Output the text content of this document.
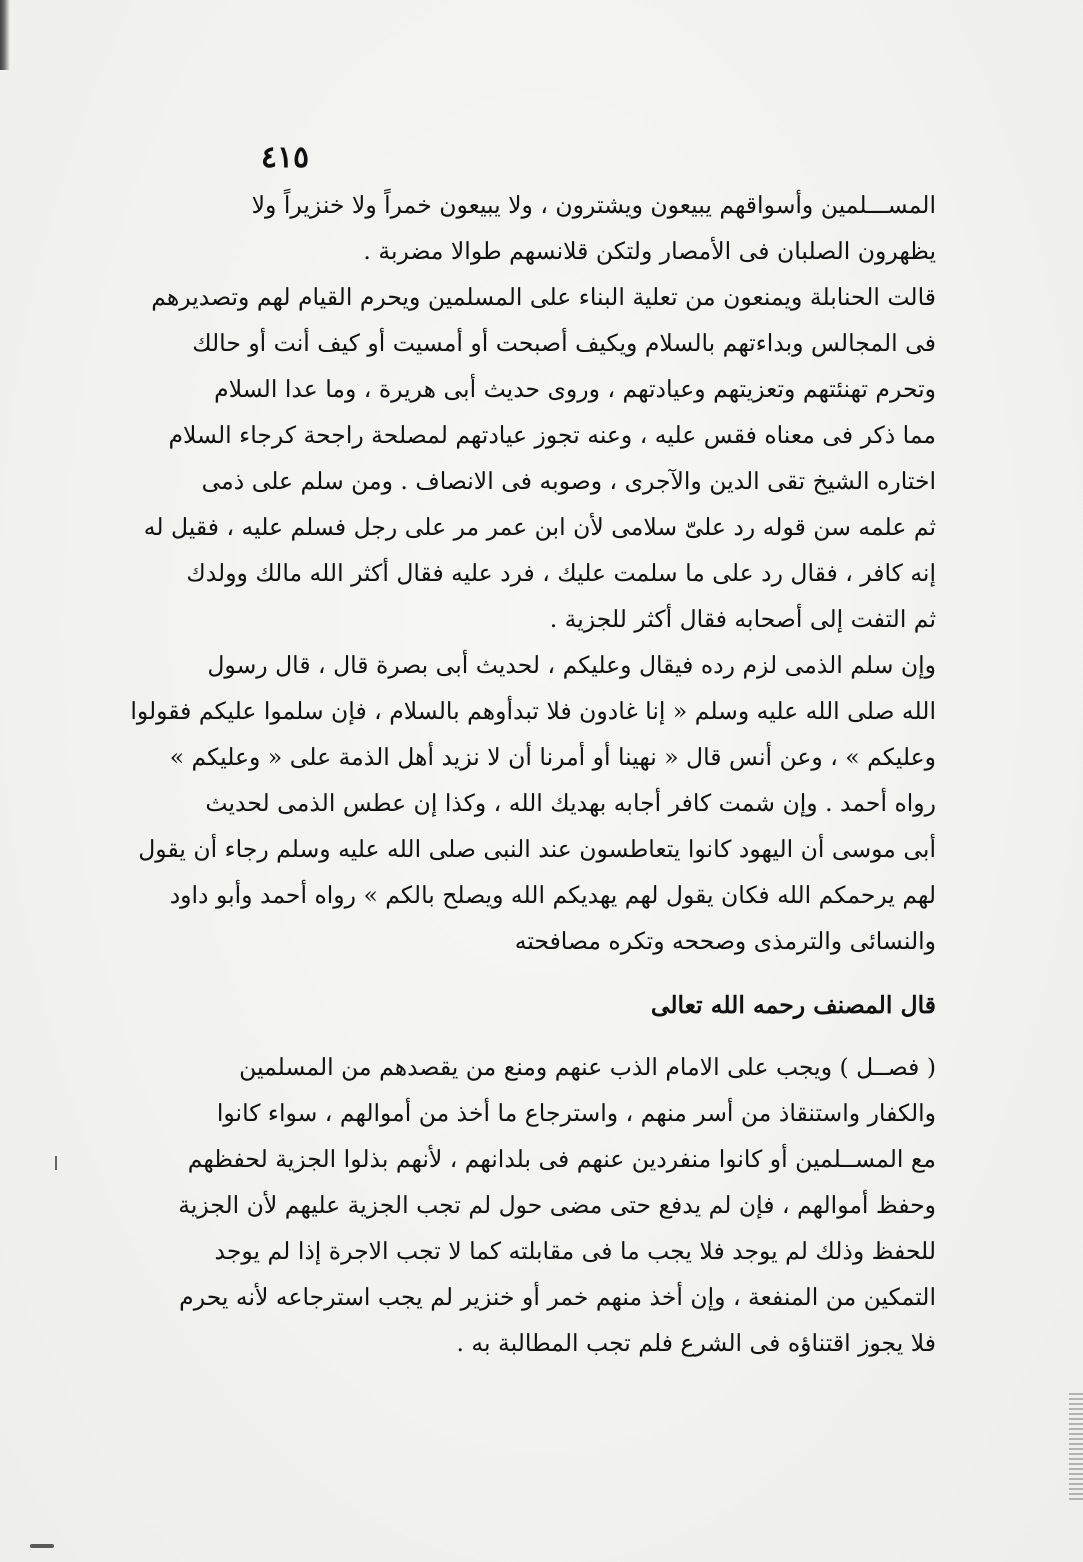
٤١٥
المســـلمين وأسواقهم يبيعون ويشترون ، ولا يبيعون خمراً ولا خنزيراً ولا
يظهرون الصلبان فى الأمصار ولتكن قلانسهم طوالا مضربة .
قالت الحنابلة ويمنعون من تعلية البناء على المسلمين ويحرم القيام لهم وتصديرهم
فى المجالس وبداءتهم بالسلام ويكيف أصبحت أو أمسيت أو كيف أنت أو حالك
وتحرم تهنئتهم وتعزيتهم وعيادتهم ، وروى حديث أبى هريرة ، وما عدا السلام
مما ذكر فى معناه فقس عليه ، وعنه تجوز عيادتهم لمصلحة راجحة كرجاء السلام
اختاره الشيخ تقى الدين والآجرى ، وصوبه فى الانصاف . ومن سلم على ذمى
ثم علمه سن قوله رد علىّ سلامى لأن ابن عمر مر على رجل فسلم عليه ، فقيل له
إنه كافر ، فقال رد على ما سلمت عليك ، فرد عليه فقال أكثر الله مالك وولدك
ثم التفت إلى أصحابه فقال أكثر للجزية .
وإن سلم الذمى لزم رده فيقال وعليكم ، لحديث أبى بصرة قال ، قال رسول
الله صلى الله عليه وسلم « إنا غادون فلا تبدأوهم بالسلام ، فإن سلموا عليكم فقولوا
وعليكم » ، وعن أنس قال « نهينا أو أمرنا أن لا نزيد أهل الذمة على « وعليكم »
رواه أحمد . وإن شمت كافر أجابه بهديك الله ، وكذا إن عطس الذمى لحديث
أبى موسى أن اليهود كانوا يتعاطسون عند النبى صلى الله عليه وسلم رجاء أن يقول
لهم يرحمكم الله فكان يقول لهم يهديكم الله ويصلح بالكم » رواه أحمد وأبو داود
والنسائى والترمذى وصححه وتكره مصافحته
قال المصنف رحمه الله تعالى
( فصــل ) ويجب على الامام الذب عنهم ومنع من يقصدهم من المسلمين
والكفار واستنقاذ من أسر منهم ، واسترجاع ما أخذ من أموالهم ، سواء كانوا
مع المســلمين أو كانوا منفردين عنهم فى بلدانهم ، لأنهم بذلوا الجزية لحفظهم
وحفظ أموالهم ، فإن لم يدفع حتى مضى حول لم تجب الجزية عليهم لأن الجزية
للحفظ وذلك لم يوجد فلا يجب ما فى مقابلته كما لا تجب الاجرة إذا لم يوجد
التمكين من المنفعة ، وإن أخذ منهم خمر أو خنزير لم يجب استرجاعه لأنه يحرم
فلا يجوز اقتناؤه فى الشرع فلم تجب المطالبة به .
